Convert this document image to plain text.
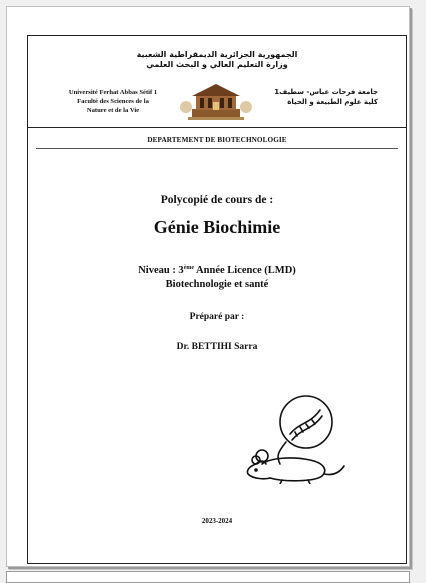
الجمهورية الجزائرية الديمقراطية الشعبية
وزارة التعليم العالي و البحث العلمي
Université Ferhat Abbas Sétif 1
Faculté des Sciences de la
Nature et de la Vie
جامعة فرحات عباس- سطيف1
كلية علوم الطبيعة و الحياة
DEPARTEMENT DE BIOTECHNOLOGIE
Polycopié de cours de :
Génie Biochimie
Niveau : 3ème Année Licence (LMD)
Biotechnologie et santé
Préparé par :
Dr. BETTIHI Sarra
2023-2024
